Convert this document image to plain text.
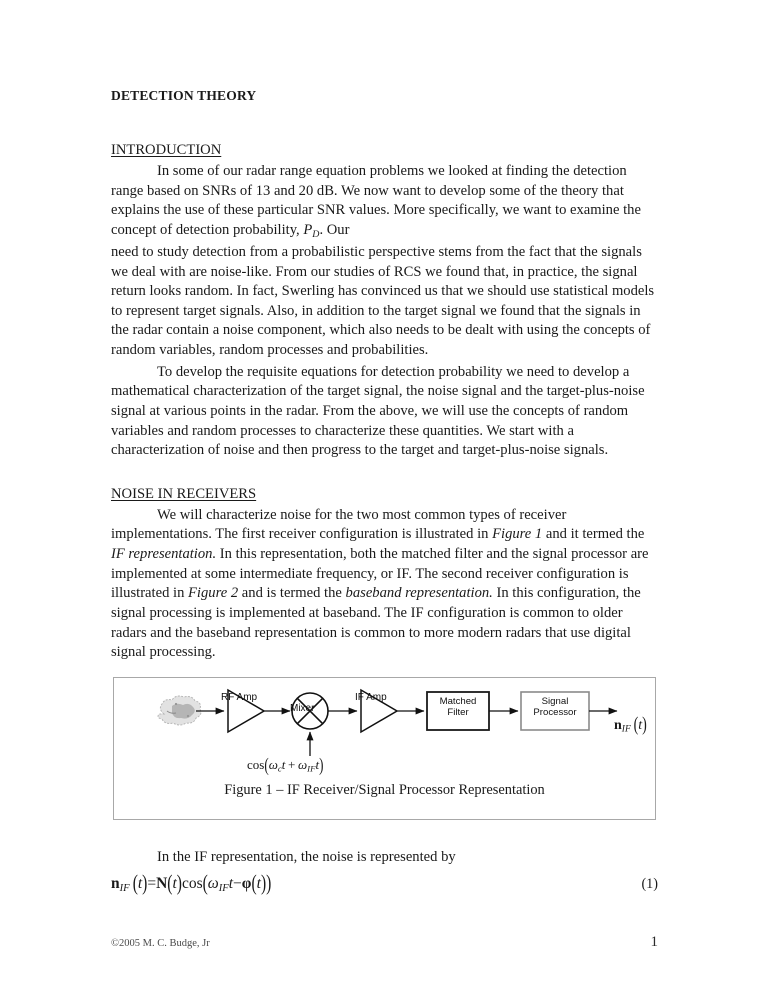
DETECTION THEORY
INTRODUCTION

In some of our radar range equation problems we looked at finding the detection range based on SNRs of 13 and 20 dB. We now want to develop some of the theory that explains the use of these particular SNR values. More specifically, we want to examine the concept of detection probability, $P_D$. Our

need to study detection from a probabilistic perspective stems from the fact that the signals we deal with are noise-like. From our studies of RCS we found that, in practice, the signal return looks random. In fact, Swerling has convinced us that we should use statistical models to represent target signals. Also, in addition to the target signal we found that the signals in the radar contain a noise component, which also needs to be dealt with using the concepts of random variables, random processes and probabilities.

To develop the requisite equations for detection probability we need to develop a mathematical characterization of the target signal, the noise signal and the target-plus-noise signal at various points in the radar. From the above, we will use the concepts of random variables and random processes to characterize these quantities. We start with a characterization of noise and then progress to the target and target-plus-noise signals.

NOISE IN RECEIVERS

We will characterize noise for the two most common types of receiver implementations. The first receiver configuration is illustrated in Figure 1 and it termed the IF representation. In this representation, both the matched filter and the signal processor are implemented at some intermediate frequency, or IF. The second receiver configuration is illustrated in Figure 2 and is termed the baseband representation. In this configuration, the signal processing is implemented at baseband. The IF configuration is common to older radars and the baseband representation is common to more modern radars that use digital signal processing.

RF Amp
Mixer
IF Amp	Matched
Filter
Signal
Processor
$\cos(\omega_ct + \omega_{IF}t)$
$n_{IF}$  (t)
Figure 1 – IF Receiver/Signal Processor Representation
In the IF representation, the noise is represented by
$n_{IF}$  $(t)=N(t)\cos(\omega_{IF}t-\varphi(t))$	(1)
©2005 M. C. Budge, Jr	1
